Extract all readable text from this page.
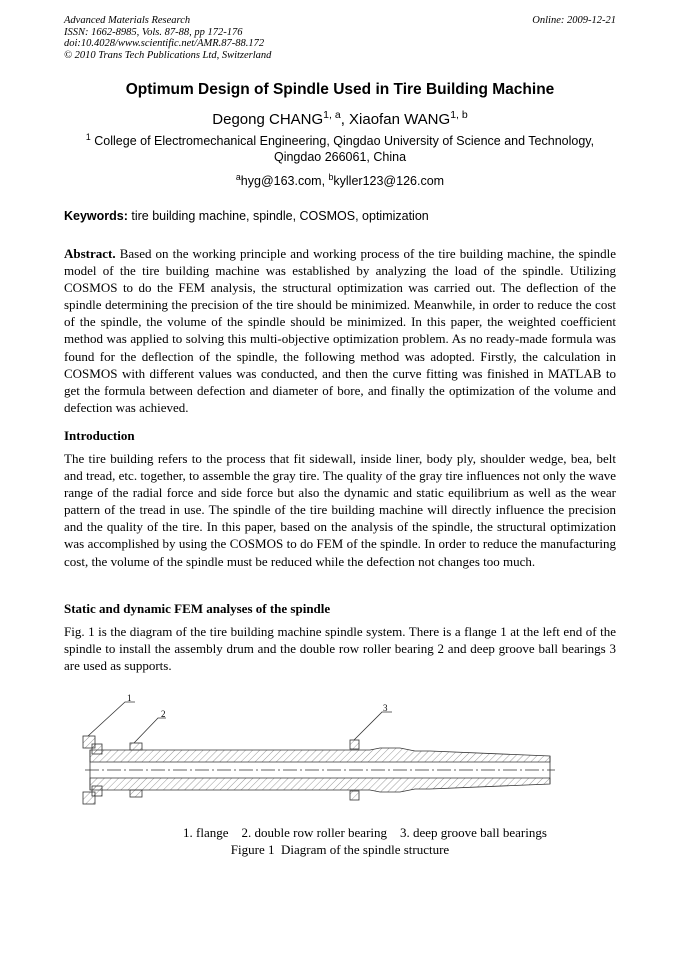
Advanced Materials Research
ISSN: 1662-8985, Vols. 87-88, pp 172-176
doi:10.4028/www.scientific.net/AMR.87-88.172
© 2010 Trans Tech Publications Ltd, Switzerland
Online: 2009-12-21
Optimum Design of Spindle Used in Tire Building Machine
Degong CHANG$^{1, a}$, Xiaofan WANG$^{1, b}$
$^1$ College of Electromechanical Engineering, Qingdao University of Science and Technology,
Qingdao 266061, China
$^a$hyg@163.com, $^b$kyller123@126.com
Keywords: tire building machine, spindle, COSMOS, optimization
Abstract. Based on the working principle and working process of the tire building machine, the spindle model of the tire building machine was established by analyzing the load of the spindle. Utilizing COSMOS to do the FEM analysis, the structural optimization was carried out. The deflection of the spindle determining the precision of the tire should be minimized. Meanwhile, in order to reduce the cost of the spindle, the volume of the spindle should be minimized. In this paper, the weighted coefficient method was applied to solving this multi-objective optimization problem. As no ready-made formula was found for the deflection of the spindle, the following method was adopted. Firstly, the calculation in COSMOS with different values was conducted, and then the curve fitting was finished in MATLAB to get the formula between defection and diameter of bore, and finally the optimization of the volume and defection was achieved.
Introduction
The tire building refers to the process that fit sidewall, inside liner, body ply, shoulder wedge, bea, belt and tread, etc. together, to assemble the gray tire. The quality of the gray tire influences not only the wave range of the radial force and side force but also the dynamic and static equilibrium as well as the wear pattern of the tread in use. The spindle of the tire building machine will directly influence the precision and the quality of the tire. In this paper, based on the analysis of the spindle, the structural optimization was accomplished by using the COSMOS to do FEM of the spindle. In order to reduce the manufacturing cost, the volume of the spindle must be reduced while the defection not changes too much.
Static and dynamic FEM analyses of the spindle
Fig. 1 is the diagram of the tire building machine spindle system. There is a flange 1 at the left end of the spindle to install the assembly drum and the double row roller bearing 2 and deep groove ball bearings 3 are used as supports.
1
2
3
1. flange    2. double row roller bearing    3. deep groove ball bearings
Figure 1  Diagram of the spindle structure
